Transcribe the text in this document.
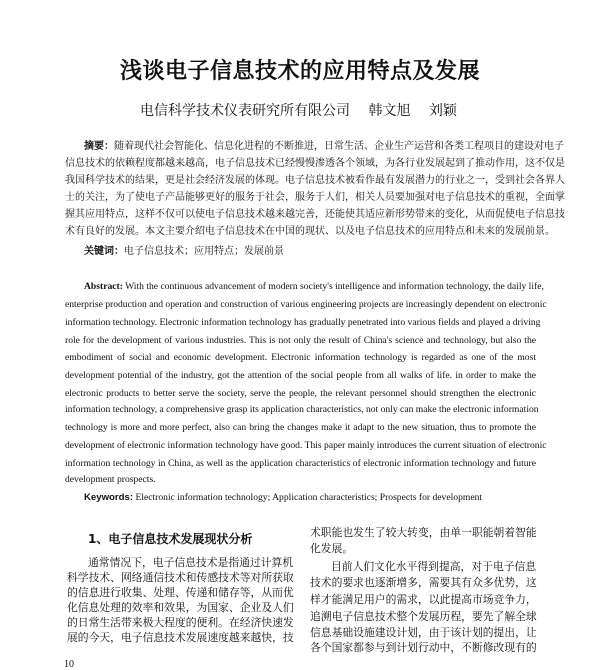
浅谈电子信息技术的应用特点及发展
电信科学技术仪表研究所有限公司 韩文旭 刘颖
摘要：随着现代社会智能化、信息化进程的不断推进，日常生活、企业生产运营和各类工程项目的建设对电子
信息技术的依赖程度都越来越高，电子信息技术已经慢慢渗透各个领域，为各行业发展起到了推动作用，这不仅是
我国科学技术的结果，更是社会经济发展的体现。电子信息技术被看作最有发展潜力的行业之一，受到社会各界人
士的关注，为了使电子产品能够更好的服务于社会，服务于人们，相关人员要加强对电子信息技术的重视，全面掌
握其应用特点，这样不仅可以使电子信息技术越来越完善，还能使其适应新形势带来的变化，从而促使电子信息技
术有良好的发展。本文主要介绍电子信息技术在中国的现状、以及电子信息技术的应用特点和未来的发展前景。
关键词：电子信息技术；应用特点；发展前景
Abstract: With the continuous advancement of modern society's intelligence and information technology, the daily life,
enterprise production and operation and construction of various engineering projects are increasingly dependent on electronic
information technology. Electronic information technology has gradually penetrated into various fields and played a driving
role for the development of various industries. This is not only the result of China's science and technology, but also the
embodiment of social and economic development. Electronic information technology is regarded as one of the most
development potential of the industry, got the attention of the social people from all walks of life. in order to make the
electronic products to better serve the society, serve the people, the relevant personnel should strengthen the electronic
information technology, a comprehensive grasp its application characteristics, not only can make the electronic information
technology is more and more perfect, also can bring the changes make it adapt to the new situation, thus to promote the
development of electronic information technology have good. This paper mainly introduces the current situation of electronic
information technology in China, as well as the application characteristics of electronic information technology and future
development prospects.
Keywords: Electronic information technology; Application characteristics; Prospects for development
1、电子信息技术发展现状分析
通常情况下，电子信息技术是指通过计算机
科学技术、网络通信技术和传感技术等对所获取
的信息进行收集、处理、传递和储存等，从而优
化信息处理的效率和效果，为国家、企业及人们
的日常生活带来极大程度的便利。在经济快速发
展的今天，电子信息技术发展速度越来越快，技
术职能也发生了较大转变，由单一职能朝着智能
化发展。
目前人们文化水平得到提高，对于电子信息
技术的要求也逐渐增多，需要其有众多优势，这
样才能满足用户的需求，以此提高市场竞争力，
追溯电子信息技术整个发展历程，要先了解全球
信息基础设施建设计划，由于该计划的提出，让
各个国家都参与到计划行动中，不断修改现有的
10
